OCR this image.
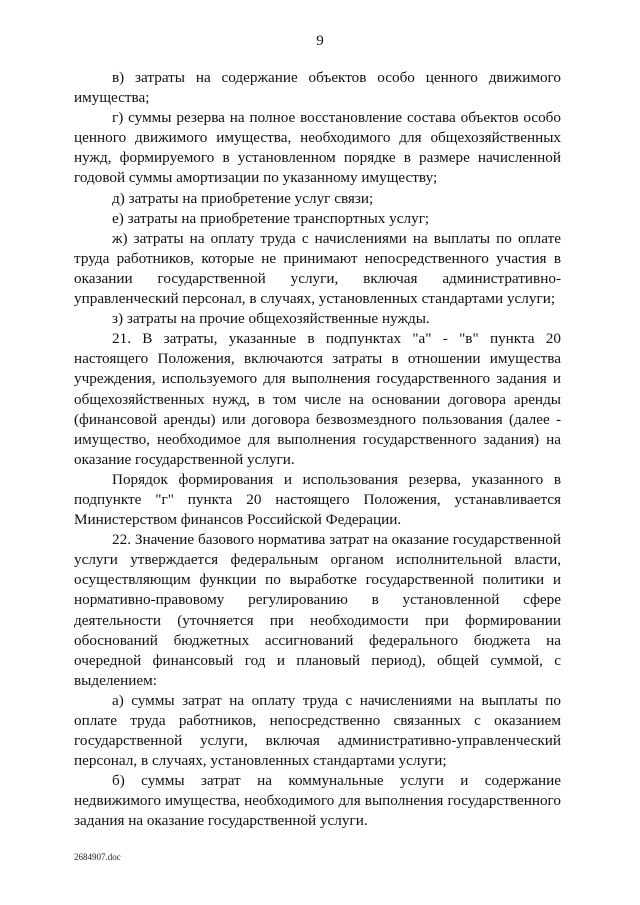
9

в) затраты на содержание объектов особо ценного движимого имущества;

г) суммы резерва на полное восстановление состава объектов особо ценного движимого имущества, необходимого для общехозяйственных нужд, формируемого в установленном порядке в размере начисленной годовой суммы амортизации по указанному имуществу;

д) затраты на приобретение услуг связи;

е) затраты на приобретение транспортных услуг;

ж) затраты на оплату труда с начислениями на выплаты по оплате труда работников, которые не принимают непосредственного участия в оказании государственной услуги, включая административно-управленческий персонал, в случаях, установленных стандартами услуги;

з) затраты на прочие общехозяйственные нужды.

21. В затраты, указанные в подпунктах "а" - "в" пункта 20 настоящего Положения, включаются затраты в отношении имущества учреждения, используемого для выполнения государственного задания и общехозяйственных нужд, в том числе на основании договора аренды (финансовой аренды) или договора безвозмездного пользования (далее - имущество, необходимое для выполнения государственного задания) на оказание государственной услуги.

Порядок формирования и использования резерва, указанного в подпункте "г" пункта 20 настоящего Положения, устанавливается Министерством финансов Российской Федерации.

22. Значение базового норматива затрат на оказание государственной услуги утверждается федеральным органом исполнительной власти, осуществляющим функции по выработке государственной политики и нормативно-правовому регулированию в установленной сфере деятельности (уточняется при необходимости при формировании обоснований бюджетных ассигнований федерального бюджета на очередной финансовый год и плановый период), общей суммой, с выделением:

а) суммы затрат на оплату труда с начислениями на выплаты по оплате труда работников, непосредственно связанных с оказанием государственной услуги, включая административно-управленческий персонал, в случаях, установленных стандартами услуги;

б) суммы затрат на коммунальные услуги и содержание недвижимого имущества, необходимого для выполнения государственного задания на оказание государственной услуги.

2684907.doc
